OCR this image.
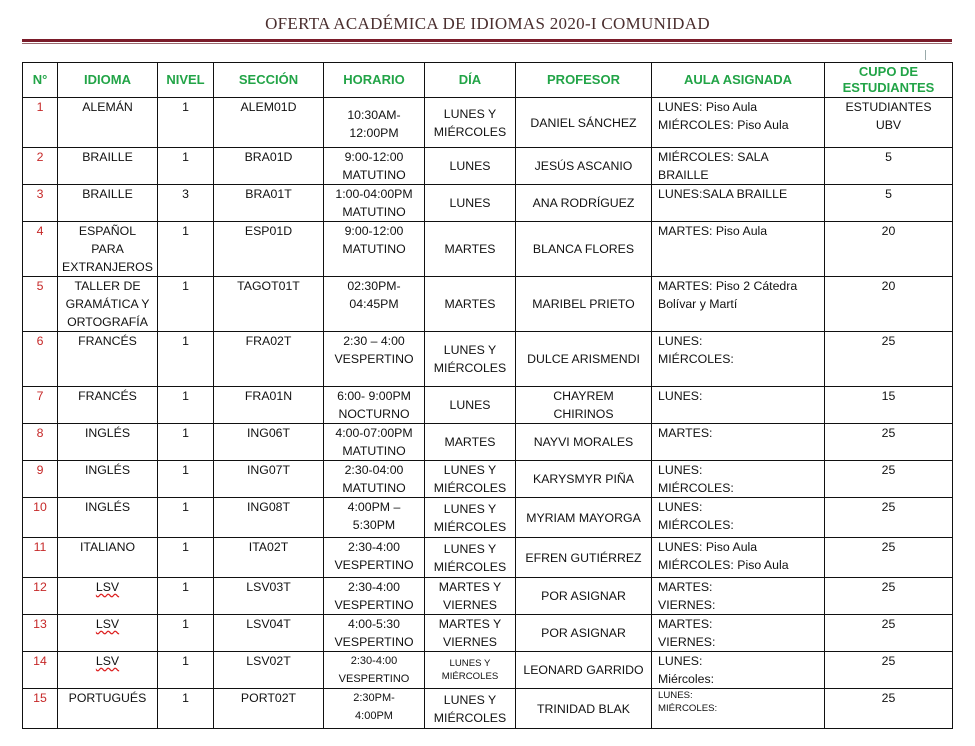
OFERTA ACADÉMICA DE IDIOMAS 2020-I COMUNIDAD
N°	IDIOMA	NIVEL	SECCIÓN	HORARIO	DÍA	PROFESOR	AULA ASIGNADA	CUPO DE ESTUDIANTES
1	ALEMÁN	1	ALEM01D	10:30AM-12:00PM	LUNES Y MIÉRCOLES	DANIEL SÁNCHEZ	LUNES: Piso Aula
MIÉRCOLES: Piso Aula	ESTUDIANTES
UBV
2	BRAILLE	1	BRA01D	9:00-12:00
MATUTINO	LUNES	JESÚS ASCANIO	MIÉRCOLES: SALA BRAILLE	5
3	BRAILLE	3	BRA01T	1:00-04:00PM
MATUTINO	LUNES	ANA RODRÍGUEZ	LUNES:SALA BRAILLE	5
4	ESPAÑOL
PARA
EXTRANJEROS	1	ESP01D	9:00-12:00
MATUTINO	MARTES	BLANCA FLORES	MARTES: Piso Aula	20
5	TALLER DE
GRAMÁTICA Y
ORTOGRAFÍA	1	TAGOT01T	02:30PM-
04:45PM	MARTES	MARIBEL PRIETO	MARTES: Piso 2 Cátedra
Bolívar y Martí	20
6	FRANCÉS	1	FRA02T	2:30 – 4:00
VESPERTINO	LUNES Y
MIÉRCOLES	DULCE ARISMENDI	LUNES:
MIÉRCOLES:	25
7	FRANCÉS	1	FRA01N	6:00- 9:00PM
NOCTURNO	LUNES	CHAYREM
CHIRINOS	LUNES:	15
8	INGLÉS	1	ING06T	4:00-07:00PM
MATUTINO	MARTES	NAYVI MORALES	MARTES:	25
9	INGLÉS	1	ING07T	2:30-04:00
MATUTINO	LUNES Y
MIÉRCOLES	KARYSMYR PIÑA	LUNES:
MIÉRCOLES:	25
10	INGLÉS	1	ING08T	4:00PM –
5:30PM	LUNES Y
MIÉRCOLES	MYRIAM MAYORGA	LUNES:
MIÉRCOLES:	25
11	ITALIANO	1	ITA02T	2:30-4:00
VESPERTINO	LUNES Y
MIÉRCOLES	EFREN GUTIÉRREZ	LUNES: Piso Aula
MIÉRCOLES: Piso Aula	25
12	LSV	1	LSV03T	2:30-4:00
VESPERTINO	MARTES Y
VIERNES	POR ASIGNAR	MARTES:
VIERNES:	25
13	LSV	1	LSV04T	4:00-5:30
VESPERTINO	MARTES Y
VIERNES	POR ASIGNAR	MARTES:
VIERNES:	25
14	LSV	1	LSV02T	2:30-4:00
VESPERTINO	LUNES Y
MIÉRCOLES	LEONARD GARRIDO	LUNES:
Miércoles:	25
15	PORTUGUÉS	1	PORT02T	2:30PM-
4:00PM	LUNES Y
MIÉRCOLES	TRINIDAD BLAK	LUNES:
MIÉRCOLES:	25
